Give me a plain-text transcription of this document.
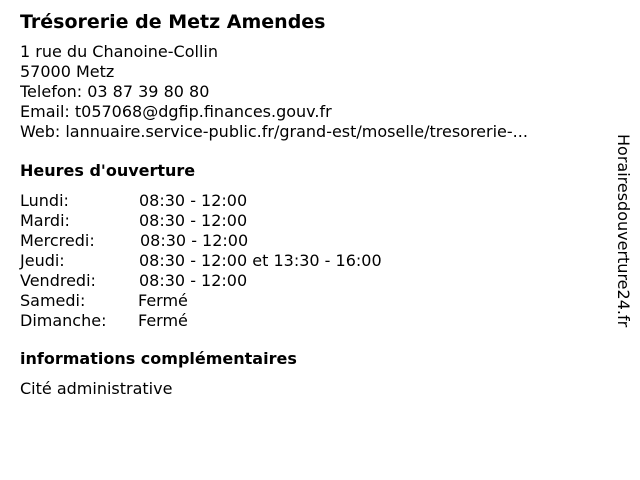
Trésorerie de Metz Amendes
1 rue du Chanoine-Collin
57000 Metz
Telefon: 03 87 39 80 80
Email: t057068@dgfip.finances.gouv.fr
Web: lannuaire.service-public.fr/grand-est/moselle/tresorerie-...
Heures d'ouverture
Lundi:	08:30 - 12:00
Mardi:	08:30 - 12:00
Mercredi:	08:30 - 12:00
Jeudi:	08:30 - 12:00 et 13:30 - 16:00
Vendredi:	08:30 - 12:00
Samedi:	Fermé
Dimanche: Fermé
informations complémentaires
Cité administrative
Horairesdouverture24.fr
